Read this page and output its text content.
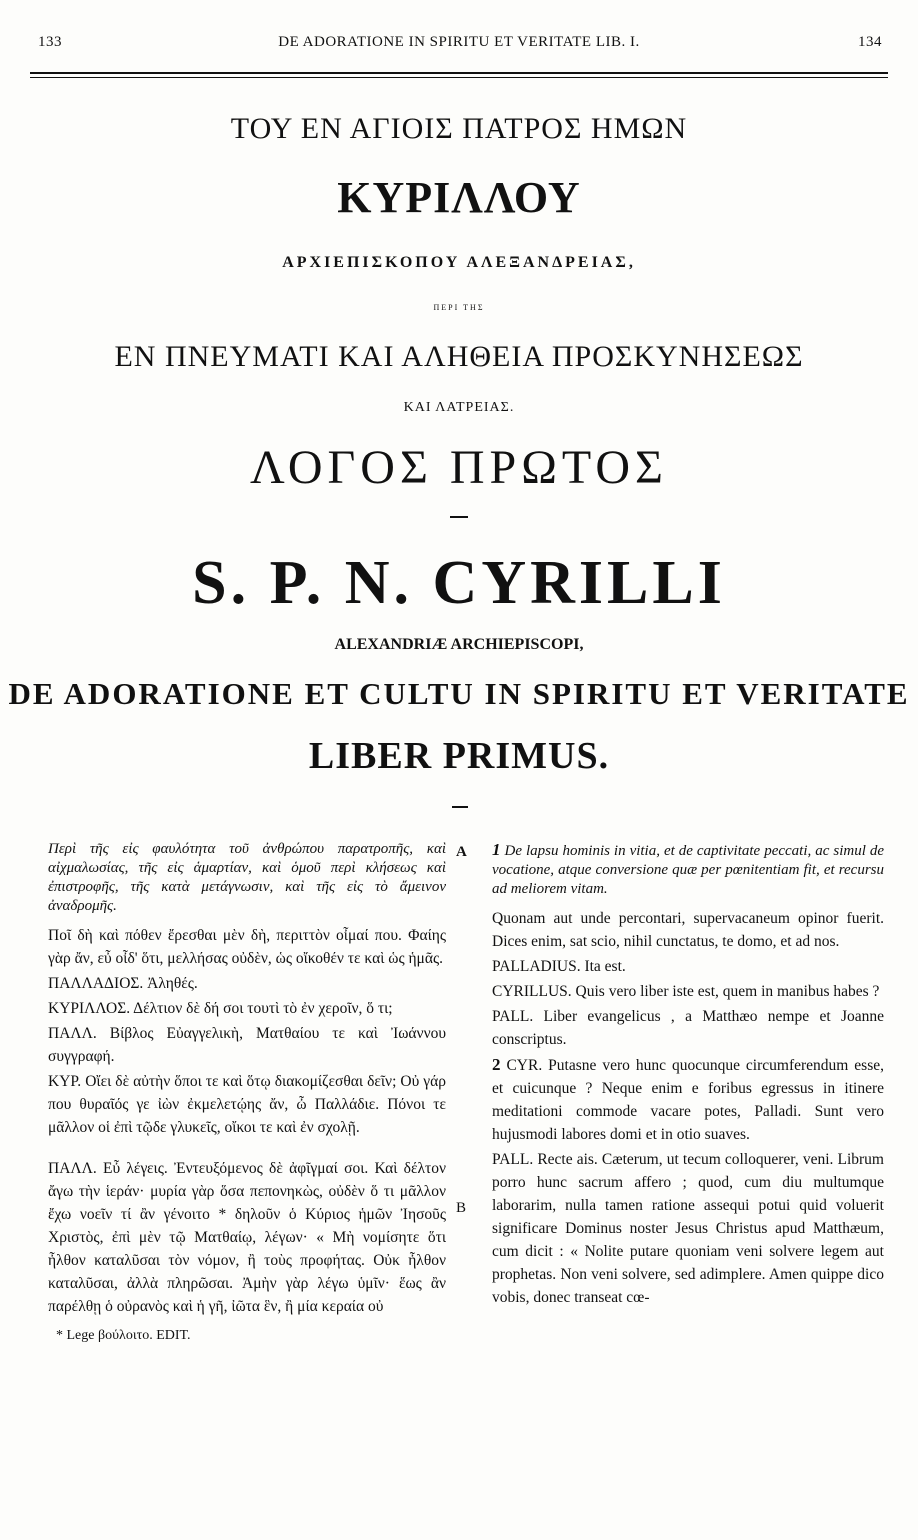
133	DE ADORATIONE IN SPIRITU ET VERITATE LIB. I.	134
ΤΟΥ ΕΝ ΑΓΙΟΙΣ ΠΑΤΡΟΣ ΗΜΩΝ
ΚΥΡΙΛΛΟΥ
ΑΡΧΙΕΠΙΣΚΟΠΟΥ ΑΛΕΞΑΝΔΡΕΙΑΣ,
ΠΕΡΙ ΤΗΣ
ΕΝ ΠΝΕΥΜΑΤΙ ΚΑΙ ΑΛΗΘΕΙΑ ΠΡΟΣΚΥΝΗΣΕΩΣ
ΚΑΙ ΛΑΤΡΕΙΑΣ.
ΛΟΓΟΣ ΠΡΩΤΟΣ
S. P. N. CYRILLI
ALEXANDRIÆ ARCHIEPISCOPI,
DE ADORATIONE ET CULTU IN SPIRITU ET VERITATE
LIBER PRIMUS.
A
B

Περὶ τῆς εἰς φαυλότητα τοῦ ἀνθρώπου παρατροπῆς, καὶ αἰχμαλωσίας, τῆς εἰς ἁμαρτίαν, καὶ ὁμοῦ περὶ κλήσεως καὶ ἐπιστροφῆς, τῆς κατὰ μετάγνωσιν, καὶ τῆς εἰς τὸ ἄμεινον ἀναδρομῆς.

Ποῖ δὴ καὶ πόθεν ἔρεσθαι μὲν δὴ, περιττὸν οἶμαί που. Φαίης γὰρ ἄν, εὖ οἶδ' ὅτι, μελλήσας οὐδὲν, ὡς οἴκοθέν τε καὶ ὡς ἡμᾶς.

ΠΑΛΛΑΔΙΟΣ. Ἀληθές.

ΚΥΡΙΛΛΟΣ. Δέλτιον δὲ δή σοι τουτὶ τὸ ἐν χεροῖν, ὅ τι;

ΠΑΛΛ. Βίβλος Εὐαγγελικὴ, Ματθαίου τε καὶ Ἰωάννου συγγραφή.

ΚΥΡ. Οἴει δὲ αὐτὴν ὅποι τε καὶ ὅτῳ διακομίζεσθαι δεῖν; Οὐ γάρ που θυραῖός γε ἰὼν ἐκμελετῴης ἄν, ὦ Παλλάδιε. Πόνοι τε μᾶλλον οἱ ἐπὶ τῷδε γλυκεῖς, οἴκοι τε καὶ ἐν σχολῇ.

ΠΑΛΛ. Εὖ λέγεις. Ἐντευξόμενος δὲ ἀφῖγμαί σοι. Καὶ δέλτον ἄγω τὴν ἱεράν· μυρία γὰρ ὅσα πεπονηκὼς, οὐδὲν ὅ τι μᾶλλον ἔχω νοεῖν τί ἂν γένοιτο * δηλοῦν ὁ Κύριος ἡμῶν Ἰησοῦς Χριστὸς, ἐπὶ μὲν τῷ Ματθαίῳ, λέγων· « Μὴ νομίσητε ὅτι ἦλθον καταλῦσαι τὸν νόμον, ἢ τοὺς προφήτας. Οὐκ ἦλθον καταλῦσαι, ἀλλὰ πληρῶσαι. Ἀμὴν γὰρ λέγω ὑμῖν· ἕως ἂν παρέλθῃ ὁ οὐρανὸς καὶ ἡ γῆ, ἰῶτα ἓν, ἢ μία κεραία οὐ

* Lege βούλοιτο. EDIT.

1 De lapsu hominis in vitia, et de captivitate peccati, ac simul de vocatione, atque conversione quæ per pœnitentiam fit, et recursu ad meliorem vitam.

Quonam aut unde percontari, supervacaneum opinor fuerit. Dices enim, sat scio, nihil cunctatus, te domo, et ad nos.

PALLADIUS. Ita est.

CYRILLUS. Quis vero liber iste est, quem in manibus habes ?

PALL. Liber evangelicus , a Matthæo nempe et Joanne conscriptus.

2 CYR. Putasne vero hunc quocunque circumferendum esse, et cuicunque ? Neque enim e foribus egressus in itinere meditationi commode vacare potes, Palladi. Sunt vero hujusmodi labores domi et in otio suaves.

PALL. Recte ais. Cæterum, ut tecum colloquerer, veni. Librum porro hunc sacrum affero ; quod, cum diu multumque laborarim, nulla tamen ratione assequi potui quid voluerit significare Dominus noster Jesus Christus apud Matthæum, cum dicit : « Nolite putare quoniam veni solvere legem aut prophetas. Non veni solvere, sed adimplere. Amen quippe dico vobis, donec transeat cœ-
